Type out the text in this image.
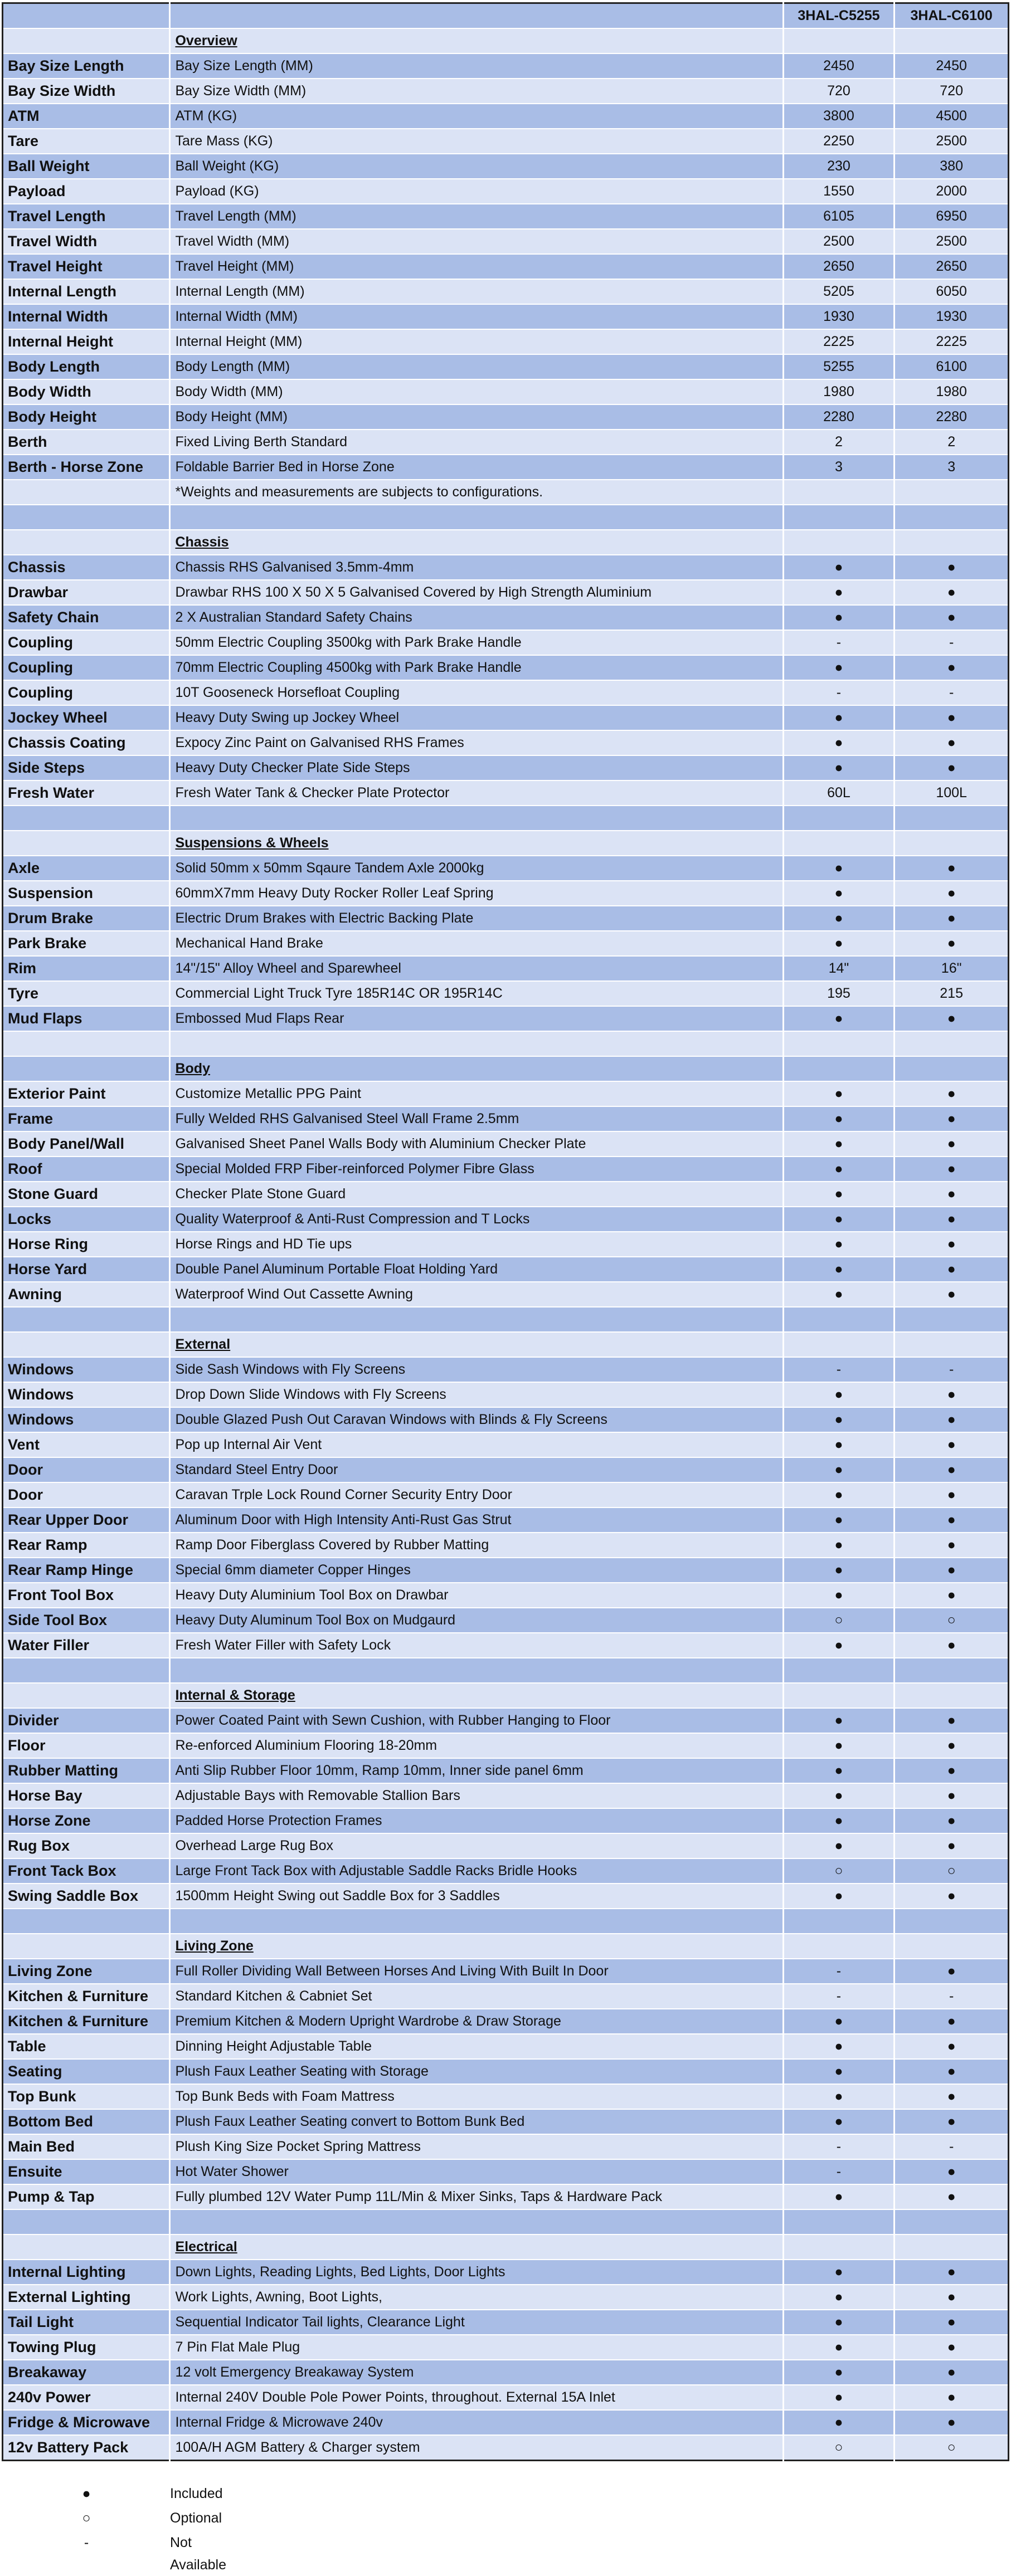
		3HAL-C5255	3HAL-C6100
	Overview		
Bay Size Length	Bay Size Length (MM)	2450	2450
Bay Size Width	Bay Size Width (MM)	720	720
ATM	ATM (KG)	3800	4500
Tare	Tare Mass (KG)	2250	2500
Ball Weight	Ball Weight (KG)	230	380
Payload	Payload (KG)	1550	2000
Travel Length	Travel Length (MM)	6105	6950
Travel Width	Travel Width (MM)	2500	2500
Travel Height	Travel Height (MM)	2650	2650
Internal Length	Internal Length (MM)	5205	6050
Internal Width	Internal Width (MM)	1930	1930
Internal Height	Internal Height (MM)	2225	2225
Body Length	Body Length (MM)	5255	6100
Body Width	Body Width (MM)	1980	1980
Body Height	Body Height (MM)	2280	2280
Berth	Fixed Living Berth Standard	2	2
Berth - Horse Zone	Foldable Barrier Bed in Horse Zone	3	3
	*Weights and measurements are subjects to configurations.		

	Chassis		
Chassis	Chassis RHS Galvanised 3.5mm-4mm	●	●
Drawbar	Drawbar RHS 100 X 50 X 5 Galvanised Covered by High Strength Aluminium	●	●
Safety Chain	2 X Australian Standard Safety Chains	●	●
Coupling	50mm Electric Coupling 3500kg with Park Brake Handle	-	-
Coupling	70mm Electric Coupling 4500kg with Park Brake Handle	●	●
Coupling	10T Gooseneck Horsefloat Coupling	-	-
Jockey Wheel	Heavy Duty Swing up Jockey Wheel	●	●
Chassis Coating	Expocy Zinc Paint on Galvanised RHS Frames	●	●
Side Steps	Heavy Duty Checker Plate Side Steps	●	●
Fresh Water	Fresh Water Tank & Checker Plate Protector	60L	100L

	Suspensions & Wheels		
Axle	Solid 50mm x 50mm Sqaure Tandem Axle 2000kg	●	●
Suspension	60mmX7mm Heavy Duty Rocker Roller Leaf Spring	●	●
Drum Brake	Electric Drum Brakes with Electric Backing Plate	●	●
Park Brake	Mechanical Hand Brake	●	●
Rim	14"/15" Alloy Wheel and Sparewheel	14"	16"
Tyre	Commercial Light Truck Tyre 185R14C OR 195R14C	195	215
Mud Flaps	Embossed Mud Flaps Rear	●	●

	Body		
Exterior Paint	Customize Metallic PPG Paint	●	●
Frame	Fully Welded RHS Galvanised Steel Wall Frame 2.5mm	●	●
Body Panel/Wall	Galvanised Sheet Panel Walls Body with Aluminium Checker Plate	●	●
Roof	Special Molded FRP Fiber-reinforced Polymer Fibre Glass	●	●
Stone Guard	Checker Plate Stone Guard	●	●
Locks	Quality Waterproof & Anti-Rust Compression and T Locks	●	●
Horse Ring	Horse Rings and HD Tie ups	●	●
Horse Yard	Double Panel Aluminum Portable Float Holding Yard	●	●
Awning	Waterproof Wind Out Cassette Awning	●	●

	External		
Windows	Side Sash Windows with Fly Screens	-	-
Windows	Drop Down Slide Windows with Fly Screens	●	●
Windows	Double Glazed Push Out Caravan Windows with Blinds & Fly Screens	●	●
Vent	Pop up Internal Air Vent	●	●
Door	Standard Steel Entry Door	●	●
Door	Caravan Trple Lock Round Corner Security Entry Door	●	●
Rear Upper Door	Aluminum Door with High Intensity Anti-Rust Gas Strut	●	●
Rear Ramp	Ramp Door Fiberglass Covered by Rubber Matting	●	●
Rear Ramp Hinge	Special 6mm diameter Copper Hinges	●	●
Front Tool Box	Heavy Duty Aluminium Tool Box on Drawbar	●	●
Side Tool Box	Heavy Duty Aluminum Tool Box on Mudgaurd	○	○
Water Filler	Fresh Water Filler with Safety Lock	●	●

	Internal & Storage		
Divider	Power Coated Paint with Sewn Cushion, with Rubber Hanging to Floor	●	●
Floor	Re-enforced Aluminium Flooring 18-20mm	●	●
Rubber Matting	Anti Slip Rubber Floor 10mm, Ramp 10mm, Inner side panel 6mm	●	●
Horse Bay	Adjustable Bays with Removable Stallion Bars	●	●
Horse Zone	Padded Horse Protection Frames	●	●
Rug Box	Overhead Large Rug Box	●	●
Front Tack Box	Large Front Tack Box with Adjustable Saddle Racks Bridle Hooks	○	○
Swing Saddle Box	1500mm Height Swing out Saddle Box for 3 Saddles	●	●

	Living Zone		
Living Zone	Full Roller Dividing Wall Between Horses And Living With Built In Door	-	●
Kitchen & Furniture	Standard Kitchen & Cabniet Set	-	-
Kitchen & Furniture	Premium Kitchen & Modern Upright Wardrobe & Draw Storage	●	●
Table	Dinning Height Adjustable Table	●	●
Seating	Plush Faux Leather Seating with Storage	●	●
Top Bunk	Top Bunk Beds with Foam Mattress	●	●
Bottom Bed	Plush Faux Leather Seating convert to Bottom Bunk Bed	●	●
Main Bed	Plush King Size Pocket Spring Mattress	-	-
Ensuite	Hot Water Shower	-	●
Pump & Tap	Fully plumbed 12V Water Pump 11L/Min & Mixer Sinks, Taps & Hardware Pack	●	●

	Electrical		
Internal Lighting	Down Lights, Reading Lights, Bed Lights, Door Lights	●	●
External Lighting	Work Lights, Awning, Boot Lights,	●	●
Tail Light	Sequential Indicator Tail lights, Clearance Light	●	●
Towing Plug	7 Pin Flat Male Plug	●	●
Breakaway	12 volt Emergency Breakaway System	●	●
240v Power	Internal 240V Double Pole Power Points, throughout. External 15A Inlet	●	●
Fridge & Microwave	Internal Fridge & Microwave 240v	●	●
12v Battery Pack	100A/H AGM Battery & Charger system	○	○
●	Included
○	Optional
-	Not Available
